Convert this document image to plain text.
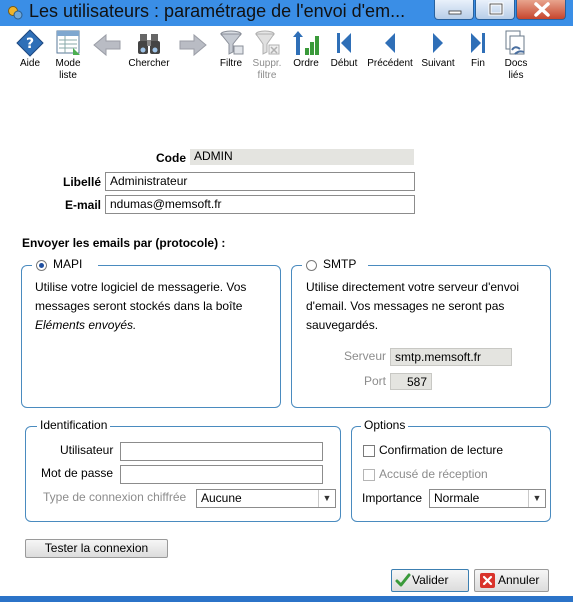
Les utilisateurs : paramétrage de l'envoi d'em...
?
Aide	Mode
liste
Chercher	Filtre	Suppr.
filtre
Ordre	Début Précédent Suivant	Fin	Docs
liés
Code ADMIN
Libellé Administrateur
E-mail ndumas@memsoft.fr
Envoyer les emails par (protocole) :
MAPI
Utilise votre logiciel de messagerie. Vos
messages seront stockés dans la boîte
Eléments envoyés.
SMTP
Utilise directement votre serveur d'envoi
d'email. Vos messages ne seront pas
sauvegardés.
Serveur smtp.memsoft.fr
Port	587
Identification
Utilisateur
Mot de passe
Type de connexion chiffrée	Aucune	▼
Options
Confirmation de lecture
Accusé de réception
Importance Normale	▼
Tester la connexion
Valider	Annuler
